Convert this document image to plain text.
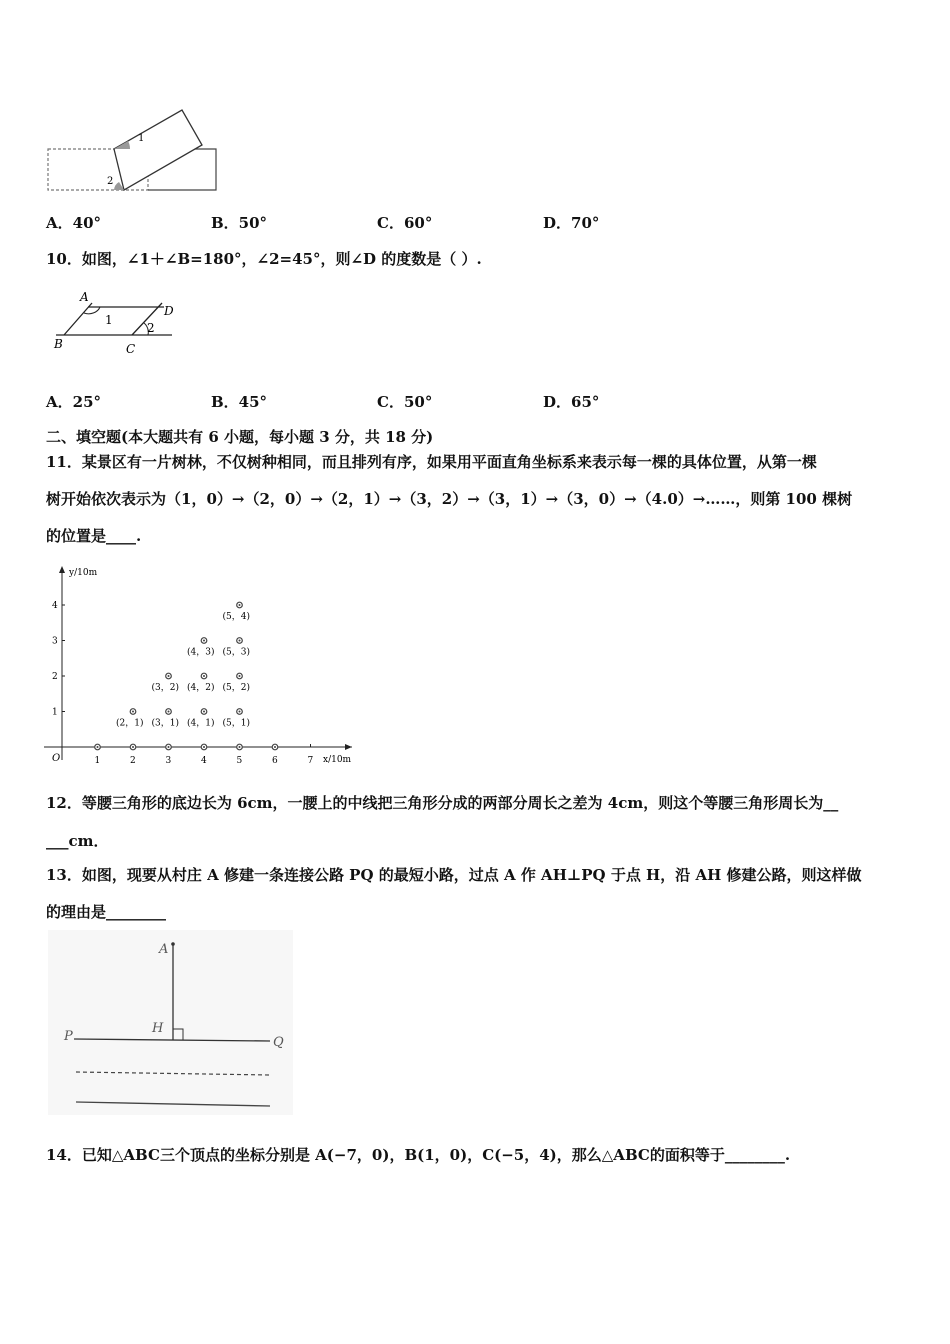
1
2
A．40°	B．50°	C．60°	D．70°
10．如图，∠1＋∠B=180°，∠2=45°，则∠D 的度数是（ ）.
A
D
B	C
1
2
A．25°	B．45°	C．50°	D．65°
二、填空题(本大题共有 6 小题，每小题 3 分，共 18 分)
11．某景区有一片树林，不仅树种相同，而且排列有序，如果用平面直角坐标系来表示每一棵的具体位置，从第一棵
树开始依次表示为（1，0）→（2，0）→（2，1）→（3，2）→（3，1）→（3，0）→（4.0）→……，则第 100 棵树
的位置是____.
y/10m
x/10m
O	1	2	3	4	5	6	7
1
2
3
4
(2，1) (3，1) (4，1) (5，1)
(3，2) (4，2) (5，2)
(4，3) (5，3)
(5，4)
12．等腰三角形的底边长为 6cm，一腰上的中线把三角形分成的两部分周长之差为 4cm，则这个等腰三角形周长为__
___cm．
13．如图，现要从村庄 A 修建一条连接公路 PQ 的最短小路，过点 A 作 AH⊥PQ 于点 H，沿 AH 修建公路，则这样做
的理由是________
A
H
P	Q
14．已知△ABC三个顶点的坐标分别是 A(−7，0)，B(1，0)，C(−5，4)，那么△ABC的面积等于________.
